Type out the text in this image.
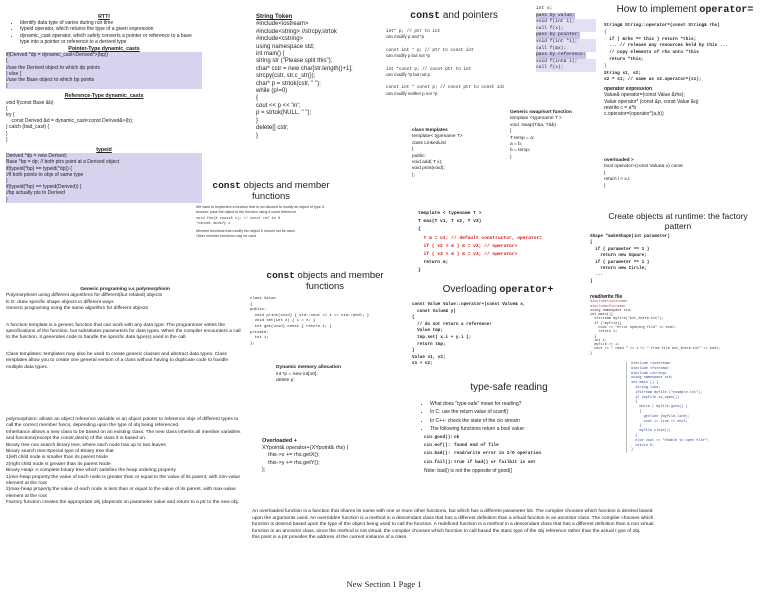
RTTI
• Identify data type of varies during run time
• typeid operator, which returns the type of a given expression
• dynamic_cast operator, which safely converts a pointer or reference to a base type into a pointer or reference to a derived type
Pointer-Type dynamic_casts
if(Derived *dp = dynamic_cast<Derived*>(bp))
{
//use the Derived object to which dp points
} else {
//use the Base object to which bp points
}
Reference-Type dynamic_casts
void f(const Base &b)
{
try {
const Derived &d = dynamic_cast<const Derived&>(b);
} catch (bad_cast) {
}
}
typeid
Derived *dp = new Derived;
Base *bp = dp; // both ptrs point at a Derived object
if(typeid(*bp) == typeid(*dp)) {
//if both points to objs of same type
}
if(typeid(*bp) == typeid(Derived)) {
//bp actually pts to Derived
}
String Token
#include<iostream>
#include<string> //strcpy,strtok
#include<cstring>
using namespace std;
int main() {
string str ("Please split this");
char* cstr = new char[str.length()+1];
strcpy(cstr, str.c_str());
char* p = strtok(cstr, " ");
while (p!=0)
{
cout << p << '\n';
p = strtok(NULL, " ");
}
delete[] cstr;
}
const and pointers
int* p; // ptr to int
can modify p and *p
const int * p; // ptr to const int
can modify p but not *p
int *const p; // const ptr to int
can modify *p but not p
const int * const p; // const ptr to const int
can modify neither p nor *p
int x;
pass by value:
void f(int i);
call f(x);
pass by pointer:
void f(int *i);
call f(&x);
pass by reference:
void f(int& i);
call f(x);
How to implement operator=
String& String::operator=(const String& rhs)
{
if ( &rhs == this ) return *this;
... // release any resources held by this ...
// copy elements of rhs onto *this
return *this;
}
String s1, s2;
s2 = s1; // same as s2.operator=(s1);
operator expression
Value& operator=(const Value &rhs);
Value operator* (const &p, const Value &q)
rewrite c = a*b
c.operator=(operator*(a,b))
const objects and member functions
We want to implement a function that is not allowed to modify an object of type X.
Answer: pass the object to the function using a const reference
void foo(X const& x); // const ref to X
*cannot modify x
Member functions that modify the object X should not be used.
Other member functions may be used.
class templates
template< typename T>
class LinkedList
{
public:
void add( T x);
void print(void);
};
Generic swap/sort function
template <typename T >
void  swap(T&a, T&b)
{
T temp = a;
a = b;
b = temp;
}
overloaded >
bool operator>(const Value& x) const
{
return i > x.i;
}
Create objects at runtime: the factory pattern
Shape *makeShape(int parameter)
{
if ( parameter == 1 )
return new Square;
if ( parameter == 1 )
return new Circle;
...
}
template < typename T >
T max(T v1, T v2, T v3)
{
T m = v1; // default constructor, operator=
if ( v2 > m ) m = v2; // operator>
if ( v3 > m ) m = v3; // operator>
return m;
}
Generic programing v.s polymorphism
Polymorphism using different algorithms for different(but related) objects
E.G: draw specific shape objects in different ways
Generic programing using the same algorithm for different objects
A function template is a generic function that can work with any data type. The programmer writes the specifications of the function, but substitutes parameters for data types. When the compiler encounters a call to the function, it generates code to handle the specific data type(s) used in the call.
Class templates: templates may also be used to create generic classes and abstract data types. Class templates allow you to create one general version of a class without having to duplicate code to handle multiple data types.
const objects and member functions
class Value
{
public:
void print(void) { std::cout << i << std::endl; }
void set(int x) { i = x; }
int get(void) const { return i; }
private:
int i;
};
Dynamic memory allocation
int *p = new int[10];
delete p;
Overloading operator+
const Value Value::operator+(const Value& x,
const Value& y)
{
// do not return a reference!
Value tmp;
tmp.set( x.i + y.i );
return tmp;
}
Value v1, v2;
v1 + v2;
type-safe reading
• What does "type-safe" mean for reading?
• In C: use the return value of scanf()
• In C++: check the state of the cin stream
• The following functions return a bool value:
cin.good():ok
cin.eof(): found end of file
cin.bad(): read/write error in I/O operation
cin.fail():true if bad() or failbit is set
Note: bad() is not the opposite of good()
read/write file
#include<iostream>
#include<fstream>
using namespace std;
int main(){
ifstream myfile("ext_there.txt");
if (!myfile){
cout << "error opening file" << endl;
return 1;
}
int i;
myfile >> i;
cout << " read " << i << " from file ext_there.txt" << endl;
}
#include <iostream>
#include <fstream>
#include <string>
using namespace std;
int main () {
string line;
ifstream myfile ("example.txt");
if (myfile.is_open())
{
while ( myfile.good() )
{
getline (myfile,line);
cout << line << endl;
}
myfile.close();
}
else cout << "Unable to open file";
return 0;
}
polymorphism: allows an object reference variable or an object pointer to reference objs of different types to call the correct member funcs, depending upon the type of obj being referenced.
Inheritance allows a new class to be based on an existing class. The new class inherits all member variables and functions(except the constr,desrs) of the class it is based on.
Binary tree non search binary tree, where each node has up to two leaves
Binary search tree:Special type of Binary tree that
1)left child node is smaller than its parent Node
2)right child node is greater than its parent Node
Binary Heap: A complete binary tree which satisfies the heap ordering property
1)min-heap property:the value of each node is greater than or equal to the value of its parent, with min-value element at the root
2)max-heap property:the value of each node is less than or equal to the value of its parent, with max-value element at the root
Factory function creates the appropriate obj (depends on parameter value and return to a ptr to the new obj.
Overloaded +
XYpoint& operator+(XYpoint& rhs) {
this->x += rhs.getX();
this->y += rhs.getY();
};
An overloaded function is a function that shares its name with one or more other functions, but which has a different parameter list. The compiler chooses which function is desired based upon the arguments used. An overridden function is a method in a descendant class that has a different definition than a virtual function in an ancestor class. The compiler chooses which function is desired based upon the type of the object being used to call the function. A redefined function is a method in a descendant class that has a different definition than a non virtual function in an ancestor class. since the method is not virtual, the compiler chooses which function to call based the static type of the obj reference rather than the actual t ype of obj.
this point is a ptr provides the address of the current instance of a class
New Section 1 Page 1
